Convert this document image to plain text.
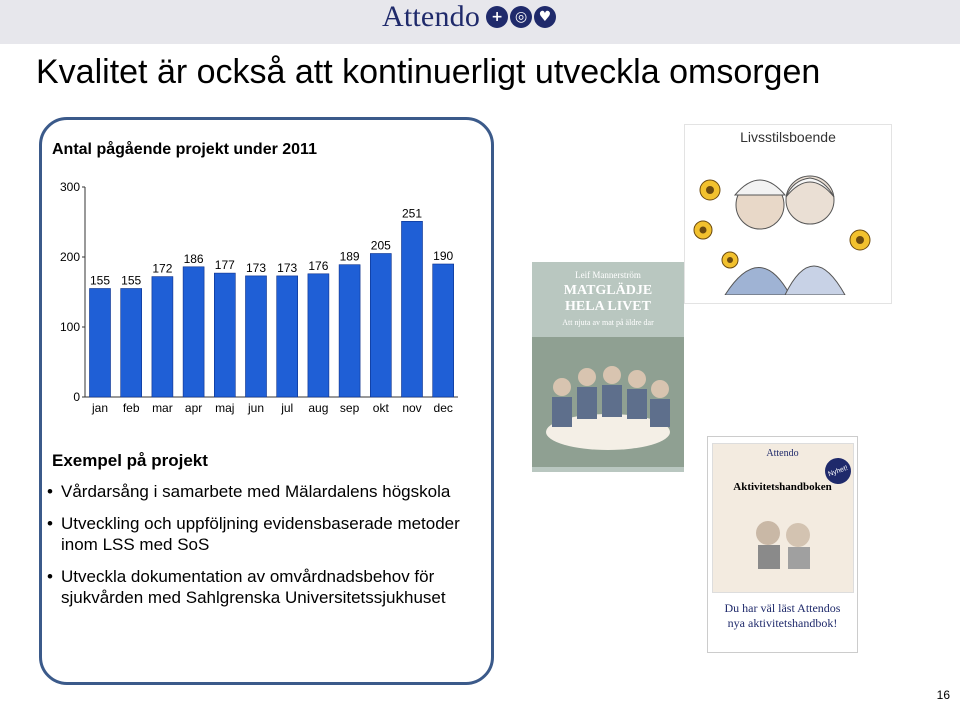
Attendo + ◎ ♥
Kvalitet är också att kontinuerligt utveckla omsorgen
Antal pågående projekt under 2011
0
100
200
300
155
jan
155
feb
172
mar
186
apr
177
maj
173
jun
173
jul
176
aug
189
sep
205
okt
251
nov
190
dec
Exempel på projekt
• Vårdarsång i samarbete med Mälardalens högskola
• Utveckling och uppföljning evidensbaserade metoder inom LSS med SoS
• Utveckla dokumentation av omvårdnadsbehov för sjukvården med Sahlgrenska Universitetssjukhuset
Livsstilsboende
Leif Mannerström
MATGLÄDJE
HELA LIVET
Att njuta av mat på äldre dar
Attendo
Aktivitetshandboken
Nyhet!
Du har väl läst Attendos
nya aktivitetshandbok!
16
